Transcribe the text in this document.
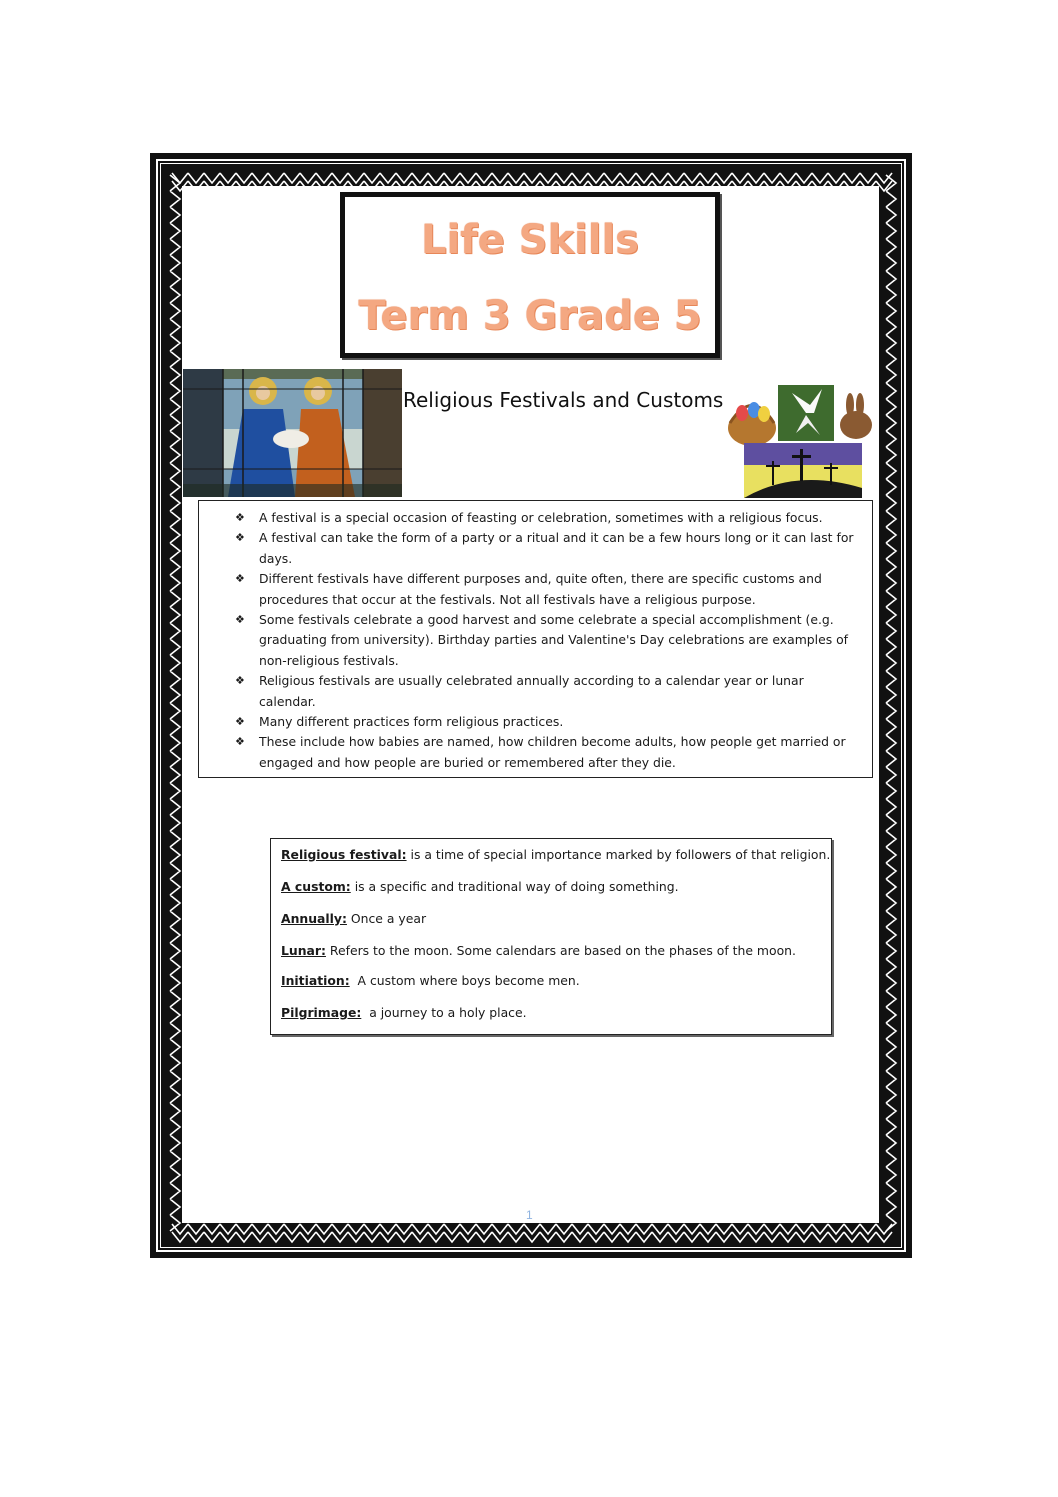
Life Skills
Term 3 Grade 5
Religious Festivals and Customs
❖ A festival is a special occasion of feasting or celebration, sometimes with a religious focus.
❖ A festival can take the form of a party or a ritual and it can be a few hours long or it can last for days.
❖ Different festivals have different purposes and, quite often, there are specific customs and procedures that occur at the festivals. Not all festivals have a religious purpose.
❖ Some festivals celebrate a good harvest and some celebrate a special accomplishment (e.g. graduating from university). Birthday parties and Valentine's Day celebrations are examples of non-religious festivals.
❖ Religious festivals are usually celebrated annually according to a calendar year or lunar calendar.
❖ Many different practices form religious practices.
❖ These include how babies are named, how children become adults, how people get married or engaged and how people are buried or remembered after they die.
Religious festival: is a time of special importance marked by followers of that religion.
A custom: is a specific and traditional way of doing something.
Annually: Once a year
Lunar: Refers to the moon. Some calendars are based on the phases of the moon.
Initiation:  A custom where boys become men.
Pilgrimage:  a journey to a holy place.
1
